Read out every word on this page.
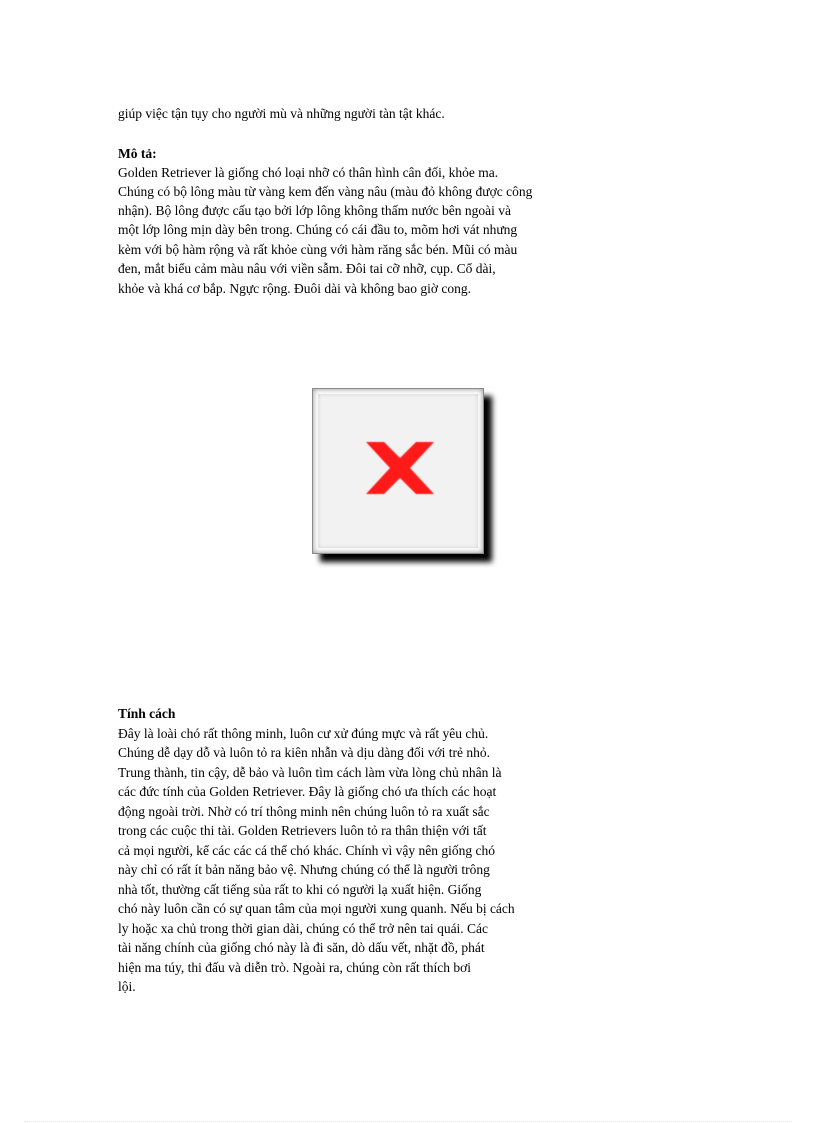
giúp việc tận tụy cho người mù và những người tàn tật khác.
Mô tả:
Golden Retriever là giống chó loại nhỡ có thân hình cân đối, khỏe ma.
Chúng có bộ lông màu từ vàng kem đến vàng nâu (màu đỏ không được công
nhận). Bộ lông được cấu tạo bởi lớp lông không thấm nước bên ngoài và
một lớp lông mịn dày bên trong. Chúng có cái đầu to, mõm hơi vát nhưng
kèm với bộ hàm rộng và rất khỏe cùng với hàm răng sắc bén. Mũi có màu
đen, mắt biểu cảm màu nâu với viền sẫm. Đôi tai cỡ nhỡ, cụp. Cổ dài,
khỏe và khá cơ bắp. Ngực rộng. Đuôi dài và không bao giờ cong.
Tính cách
Đây là loài chó rất thông minh, luôn cư xử đúng mực và rất yêu chủ.
Chúng dễ dạy dỗ và luôn tỏ ra kiên nhẫn và dịu dàng đối với trẻ nhỏ.
Trung thành, tin cậy, dễ bảo và luôn tìm cách làm vừa lòng chủ nhân là
các đức tính của Golden Retriever. Đây là giống chó ưa thích các hoạt
động ngoài trời. Nhờ có trí thông minh nên chúng luôn tỏ ra xuất sắc
trong các cuộc thi tài. Golden Retrievers luôn tỏ ra thân thiện với tất
cả mọi người, kể các các cá thể chó khác. Chính vì vậy nên giống chó
này chỉ có rất ít bản năng bảo vệ. Nhưng chúng có thể là người trông
nhà tốt, thường cất tiếng sủa rất to khi có người lạ xuất hiện. Giống
chó này luôn cần có sự quan tâm của mọi người xung quanh. Nếu bị cách
ly hoặc xa chủ trong thời gian dài, chúng có thể trở nên tai quái. Các
tài năng chính của giống chó này là đi săn, dò dấu vết, nhặt đồ, phát
hiện ma túy, thi đấu và diễn trò. Ngoài ra, chúng còn rất thích bơi
lội.
